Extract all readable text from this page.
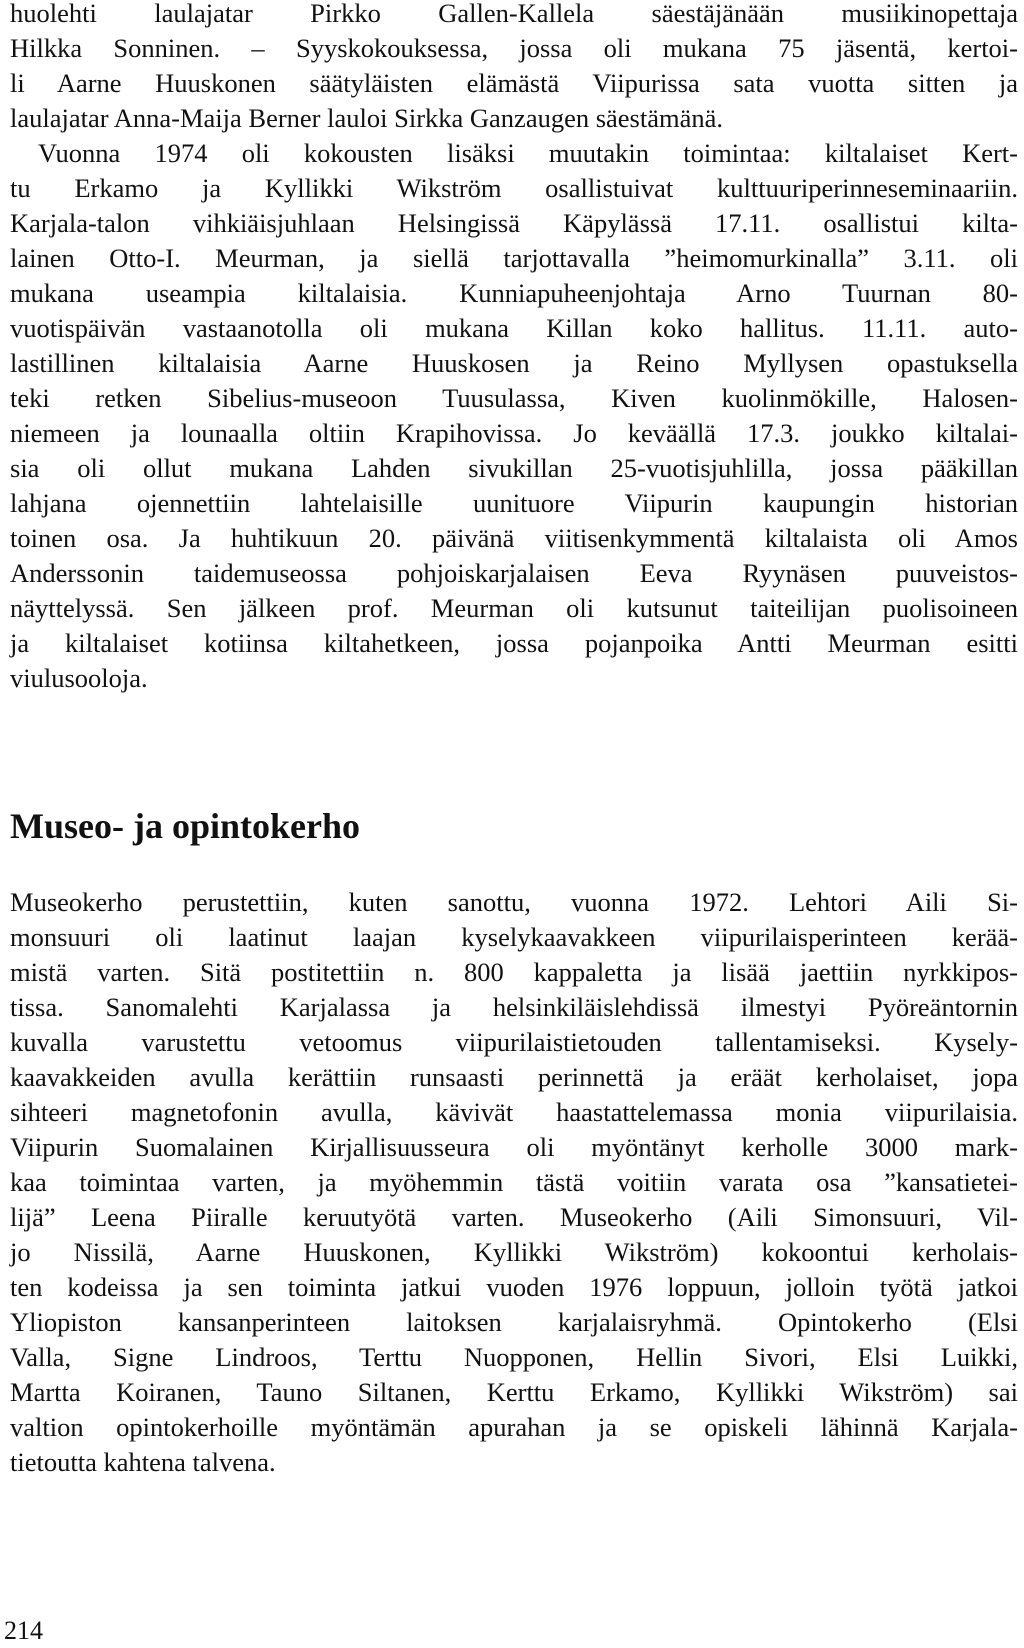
huolehti laulajatar Pirkko Gallen-Kallela säestäjänään musiikinopettaja
Hilkka Sonninen. – Syyskokouksessa, jossa oli mukana 75 jäsentä, kertoi-
li Aarne Huuskonen säätyläisten elämästä Viipurissa sata vuotta sitten ja
laulajatar Anna-Maija Berner lauloi Sirkka Ganzaugen säestämänä.
Vuonna 1974 oli kokousten lisäksi muutakin toimintaa: kiltalaiset Kert-
tu Erkamo ja Kyllikki Wikström osallistuivat kulttuuriperinneseminaariin.
Karjala-talon vihkiäisjuhlaan Helsingissä Käpylässä 17.11. osallistui kilta-
lainen Otto-I. Meurman, ja siellä tarjottavalla ”heimomurkinalla” 3.11. oli
mukana useampia kiltalaisia. Kunniapuheenjohtaja Arno Tuurnan 80-
vuotispäivän vastaanotolla oli mukana Killan koko hallitus. 11.11. auto-
lastillinen kiltalaisia Aarne Huuskosen ja Reino Myllysen opastuksella
teki retken Sibelius-museoon Tuusulassa, Kiven kuolinmökille, Halosen-
niemeen ja lounaalla oltiin Krapihovissa. Jo keväällä 17.3. joukko kiltalai-
sia oli ollut mukana Lahden sivukillan 25-vuotisjuhlilla, jossa pääkillan
lahjana ojennettiin lahtelaisille uunituore Viipurin kaupungin historian
toinen osa. Ja huhtikuun 20. päivänä viitisenkymmentä kiltalaista oli Amos
Anderssonin taidemuseossa pohjoiskarjalaisen Eeva Ryynäsen puuveistos-
näyttelyssä. Sen jälkeen prof. Meurman oli kutsunut taiteilijan puolisoineen
ja kiltalaiset kotiinsa kiltahetkeen, jossa pojanpoika Antti Meurman esitti
viulusooloja.
Museo- ja opintokerho
Museokerho perustettiin, kuten sanottu, vuonna 1972. Lehtori Aili Si-
monsuuri oli laatinut laajan kyselykaavakkeen viipurilaisperinteen kerää-
mistä varten. Sitä postitettiin n. 800 kappaletta ja lisää jaettiin nyrkkipos-
tissa. Sanomalehti Karjalassa ja helsinkiläislehdissä ilmestyi Pyöreäntornin
kuvalla varustettu vetoomus viipurilaistietouden tallentamiseksi. Kysely-
kaavakkeiden avulla kerättiin runsaasti perinnettä ja eräät kerholaiset, jopa
sihteeri magnetofonin avulla, kävivät haastattelemassa monia viipurilaisia.
Viipurin Suomalainen Kirjallisuusseura oli myöntänyt kerholle 3000 mark-
kaa toimintaa varten, ja myöhemmin tästä voitiin varata osa ”kansatietei-
lijä” Leena Piiralle keruutyötä varten. Museokerho (Aili Simonsuuri, Vil-
jo Nissilä, Aarne Huuskonen, Kyllikki Wikström) kokoontui kerholais-
ten kodeissa ja sen toiminta jatkui vuoden 1976 loppuun, jolloin työtä jatkoi
Yliopiston kansanperinteen laitoksen karjalaisryhmä. Opintokerho (Elsi
Valla, Signe Lindroos, Terttu Nuopponen, Hellin Sivori, Elsi Luikki,
Martta Koiranen, Tauno Siltanen, Kerttu Erkamo, Kyllikki Wikström) sai
valtion opintokerhoille myöntämän apurahan ja se opiskeli lähinnä Karjala-
tietoutta kahtena talvena.

214
